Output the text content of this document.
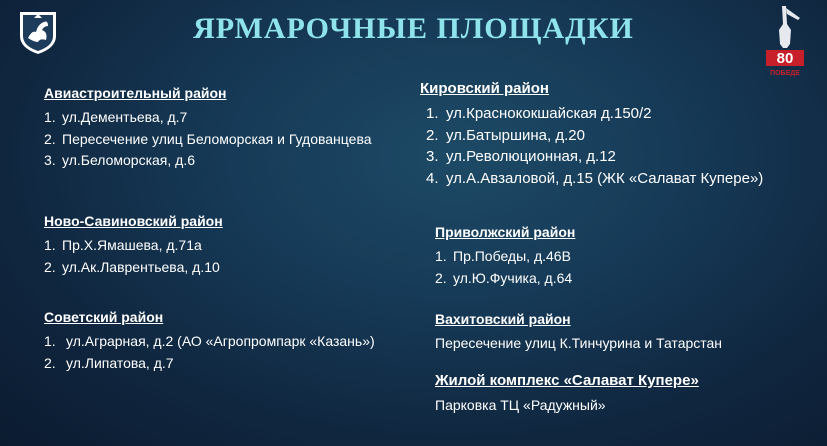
ЯРМАРОЧНЫЕ ПЛОЩАДКИ
80
ПОБЕДЕ
Авиастроительный район
1. ул.Дементьева, д.7
2. Пересечение улиц Беломорская и Гудованцева
3. ул.Беломорская, д.6
Ново-Савиновский район
1. Пр.Х.Ямашева, д.71а
2. ул.Ак.Лаврентьева, д.10
Советский район
1. ул.Аграрная, д.2 (АО «Агропромпарк «Казань»)
2. ул.Липатова, д.7
Кировский район
1. ул.Краснококшайская д.150/2
2. ул.Батыршина, д.20
3. ул.Революционная, д.12
4. ул.А.Авзаловой, д.15 (ЖК «Салават Купере»)
Приволжский район
1. Пр.Победы, д.46В
2. ул.Ю.Фучика, д.64
Вахитовский район
Пересечение улиц К.Тинчурина и Татарстан
Жилой комплекс «Салават Купере»
Парковка ТЦ «Радужный»
